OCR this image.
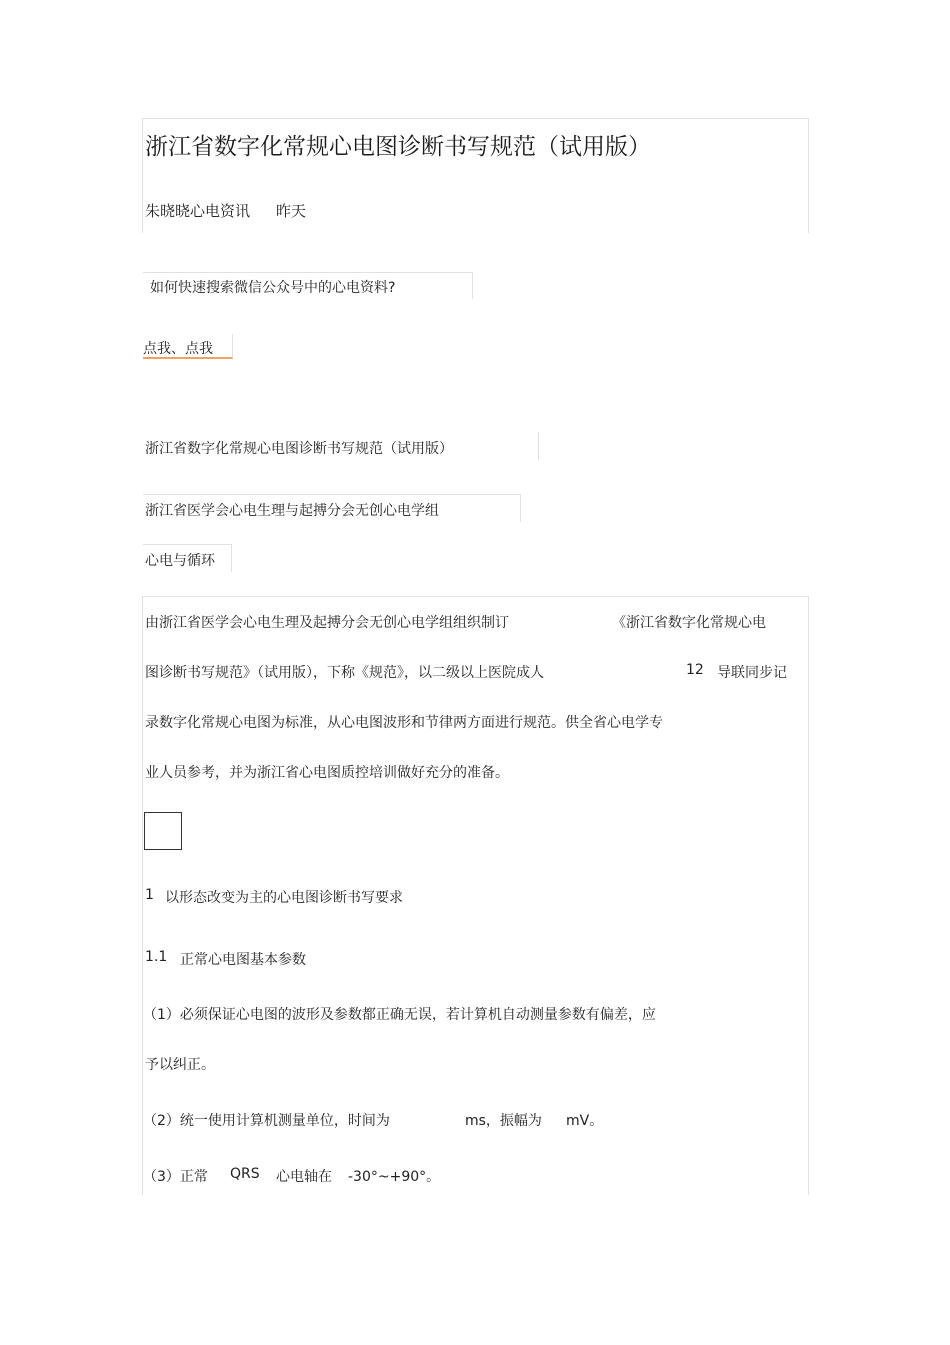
浙江省数字化常规心电图诊断书写规范（试用版）
朱晓晓心电资讯 昨天
如何快速搜索微信公众号中的心电资料?
点我、点我
浙江省数字化常规心电图诊断书写规范（试用版）
浙江省医学会心电生理与起搏分会无创心电学组
心电与循环
由浙江省医学会心电生理及起搏分会无创心电学组组织制订	《浙江省数字化常规心电
图诊断书写规范》（试用版），下称《规范》，以二级以上医院成人	12 导联同步记
录数字化常规心电图为标准，从心电图波形和节律两方面进行规范。供全省心电学专
业人员参考，并为浙江省心电图质控培训做好充分的准备。
1 以形态改变为主的心电图诊断书写要求
1.1 正常心电图基本参数
（1）必须保证心电图的波形及参数都正确无误，若计算机自动测量参数有偏差，应
予以纠正。
（2）统一使用计算机测量单位，时间为	ms，振幅为 mV。
（3）正常 QRS 心电轴在 -30°~+90°。
